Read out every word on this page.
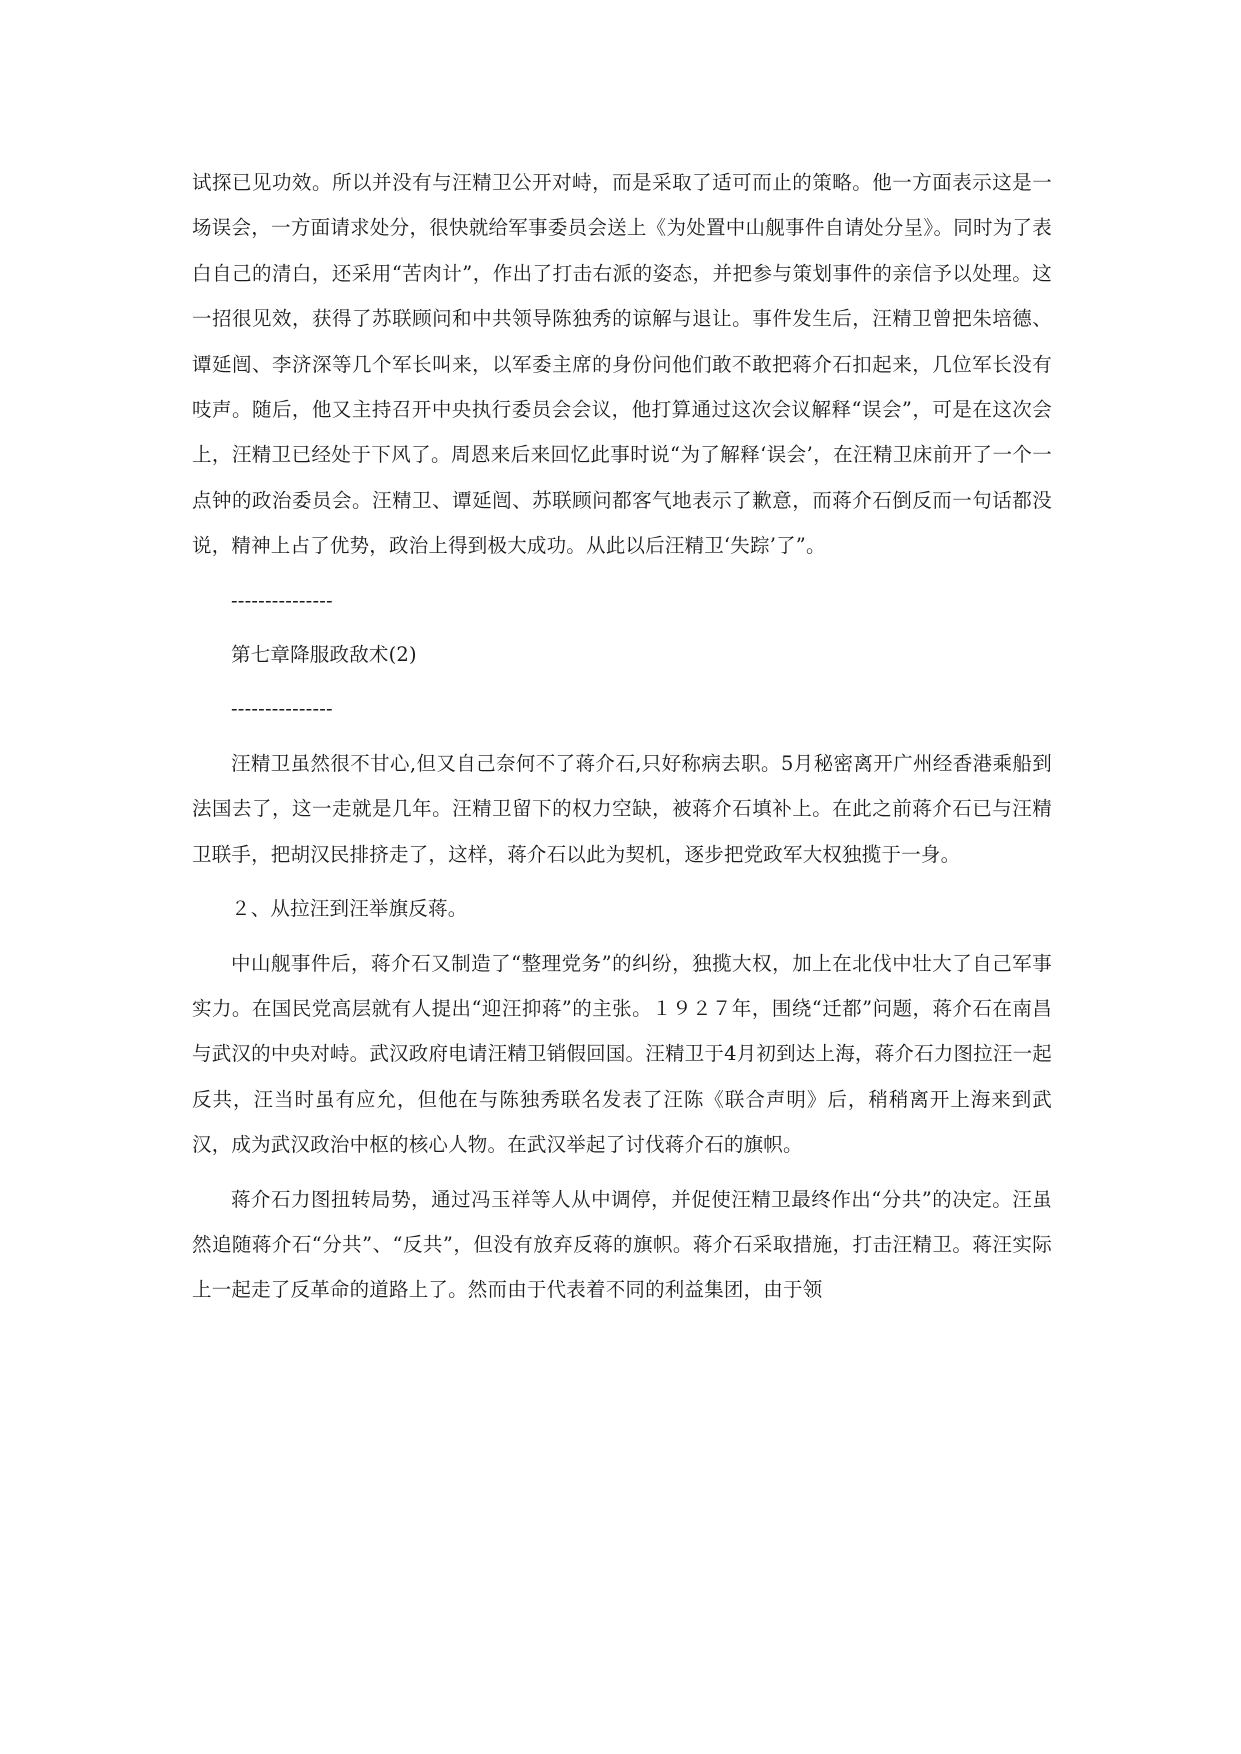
试探已见功效。所以并没有与汪精卫公开对峙，而是采取了适可而止的策略。他一方面表示这是一场误会，一方面请求处分，很快就给军事委员会送上《为处置中山舰事件自请处分呈》。同时为了表白自己的清白，还采用“苦肉计”，作出了打击右派的姿态，并把参与策划事件的亲信予以处理。这一招很见效，获得了苏联顾问和中共领导陈独秀的谅解与退让。事件发生后，汪精卫曾把朱培德、谭延闿、李济深等几个军长叫来，以军委主席的身份问他们敢不敢把蒋介石扣起来，几位军长没有吱声。随后，他又主持召开中央执行委员会会议，他打算通过这次会议解释“误会”，可是在这次会上，汪精卫已经处于下风了。周恩来后来回忆此事时说“为了解释‘误会’，在汪精卫床前开了一个一点钟的政治委员会。汪精卫、谭延闿、苏联顾问都客气地表示了歉意，而蒋介石倒反而一句话都没说，精神上占了优势，政治上得到极大成功。从此以后汪精卫‘失踪’了”。

---------------

第七章降服政敌术(2)

---------------

汪精卫虽然很不甘心,但又自己奈何不了蒋介石,只好称病去职。5月秘密离开广州经香港乘船到法国去了，这一走就是几年。汪精卫留下的权力空缺，被蒋介石填补上。在此之前蒋介石已与汪精卫联手，把胡汉民排挤走了，这样，蒋介石以此为契机，逐步把党政军大权独揽于一身。

２、从拉汪到汪举旗反蒋。

中山舰事件后，蒋介石又制造了“整理党务”的纠纷，独揽大权，加上在北伐中壮大了自己军事实力。在国民党高层就有人提出“迎汪抑蒋”的主张。１９２７年，围绕“迁都”问题，蒋介石在南昌与武汉的中央对峙。武汉政府电请汪精卫销假回国。汪精卫于4月初到达上海，蒋介石力图拉汪一起反共，汪当时虽有应允，但他在与陈独秀联名发表了汪陈《联合声明》后，稍稍离开上海来到武汉，成为武汉政治中枢的核心人物。在武汉举起了讨伐蒋介石的旗帜。

蒋介石力图扭转局势，通过冯玉祥等人从中调停，并促使汪精卫最终作出“分共”的决定。汪虽然追随蒋介石“分共”、“反共”，但没有放弃反蒋的旗帜。蒋介石采取措施，打击汪精卫。蒋汪实际上一起走了反革命的道路上了。然而由于代表着不同的利益集团，由于领
